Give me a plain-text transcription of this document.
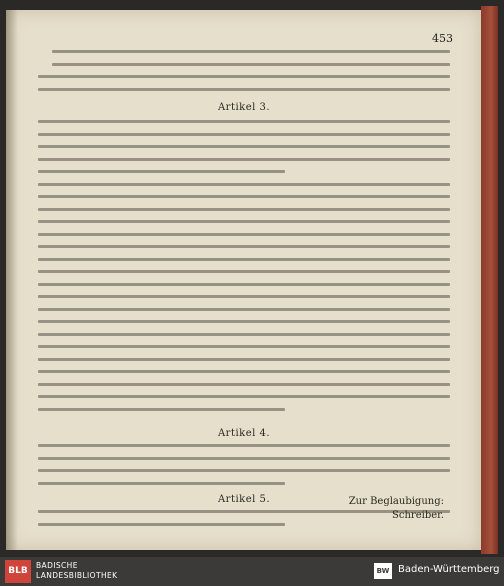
453
Artikel 3.
Artikel 4.
Artikel 5.	Zur Beglaubigung:
Schreiber.
BLB
BADISCHE
LANDESBIBLIOTHEK	BW Baden-Württemberg
